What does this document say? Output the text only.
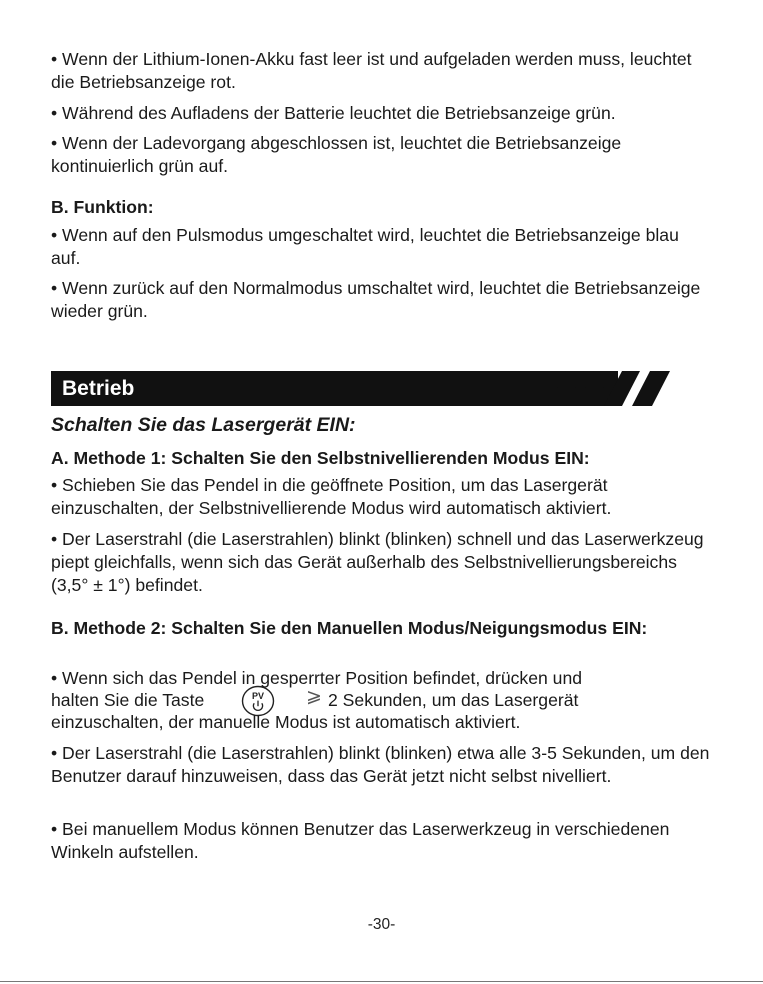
• Wenn der Lithium-Ionen-Akku fast leer ist und aufgeladen werden muss, leuchtet die Betriebsanzeige rot.

• Während des Aufladens der Batterie leuchtet die Betriebsanzeige grün.

• Wenn der Ladevorgang abgeschlossen ist, leuchtet die Betriebsanzeige kontinuierlich grün auf.

B. Funktion:

• Wenn auf den Pulsmodus umgeschaltet wird, leuchtet die Betriebsanzeige blau auf.

• Wenn zurück auf den Normalmodus umschaltet wird, leuchtet die Betriebsanzeige wieder grün.

Betrieb
Schalten Sie das Lasergerät EIN:

A. Methode 1: Schalten Sie den Selbstnivellierenden Modus EIN:

• Schieben Sie das Pendel in die geöffnete Position, um das Lasergerät einzuschalten, der Selbstnivellierende Modus wird automatisch aktiviert.

• Der Laserstrahl (die Laserstrahlen) blinkt (blinken) schnell und das Laserwerkzeug piept gleichfalls, wenn sich das Gerät außerhalb des Selbstnivellierungsbereichs (3,5° ± 1°) befindet.

B. Methode 2: Schalten Sie den Manuellen Modus/Neigungsmodus EIN:

• Wenn sich das Pendel in gesperrter Position befindet, drücken und

halten Sie die Taste	PV ⩾ 2 Sekunden, um das Lasergerät

einzuschalten, der manuelle Modus ist automatisch aktiviert.

• Der Laserstrahl (die Laserstrahlen) blinkt (blinken) etwa alle 3-5 Sekunden, um den Benutzer darauf hinzuweisen, dass das Gerät jetzt nicht selbst nivelliert.

• Bei manuellem Modus können Benutzer das Laserwerkzeug in verschiedenen Winkeln aufstellen.

-30-
